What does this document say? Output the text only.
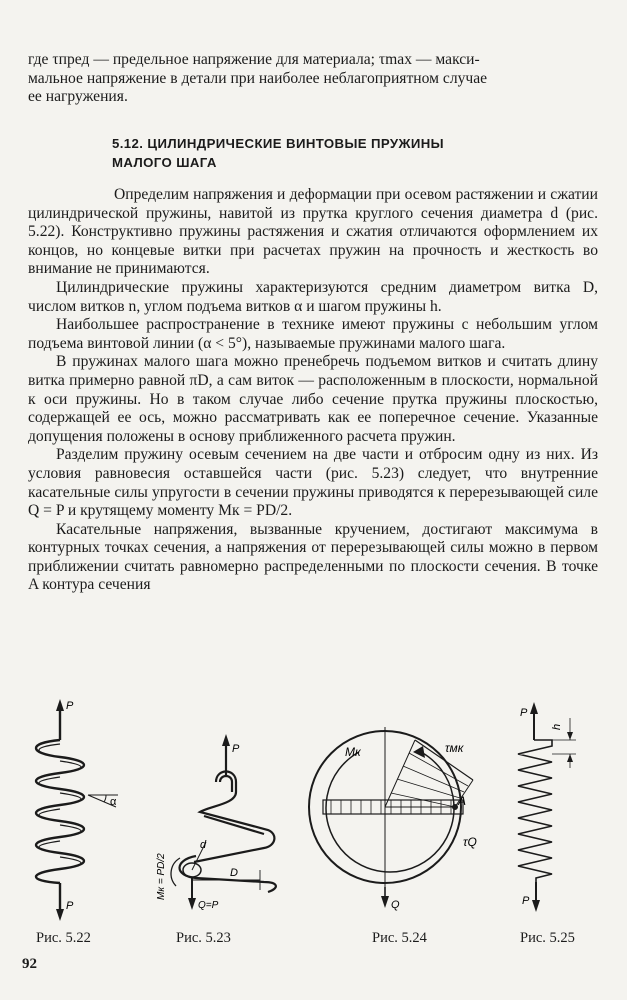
где τпред — предельное напряжение для материала; τmax — макси-

мальное напряжение в детали при наиболее неблагоприятном случае

ее нагружения.

5.12. ЦИЛИНДРИЧЕСКИЕ ВИНТОВЫЕ ПРУЖИНЫ
МАЛОГО ШАГА

Определим напряжения и деформации при осевом растяжении и сжатии цилиндрической пружины, навитой из прутка круглого сечения диаметра d (рис. 5.22). Конструктивно пружины растяжения и сжатия отличаются оформлением их концов, но концевые витки при расчетах пружин на прочность и жесткость во внимание не принимаются.

Цилиндрические пружины характеризуются средним диаметром витка D, числом витков n, углом подъема витков α и шагом пружины h.

Наибольшее распространение в технике имеют пружины с небольшим углом подъема винтовой линии (α < 5°), называемые пружинами малого шага.

В пружинах малого шага можно пренебречь подъемом витков и считать длину витка примерно равной πD, а сам виток — расположенным в плоскости, нормальной к оси пружины. Но в таком случае либо сечение прутка пружины плоскостью, содержащей ее ось, можно рассматривать как ее поперечное сечение. Указанные допущения положены в основу приближенного расчета пружин.

Разделим пружину осевым сечением на две части и отбросим одну из них. Из условия равновесия оставшейся части (рис. 5.23) следует, что внутренние касательные силы упругости в сечении пружины приводятся к перерезывающей силе Q = P и крутящему моменту Mк = PD/2.

Касательные напряжения, вызванные кручением, достигают максимума в контурных точках сечения, а напряжения от перерезывающей силы можно в первом приближении считать равномерно распределенными по плоскости сечения. В точке A контура сечения

P
P
α
P
d
D
Q=P
Mк = PD/2
Mк	τмк
A
τQ
Q
P
P
h
Рис. 5.22	Рис. 5.23	Рис. 5.24	Рис. 5.25
92
